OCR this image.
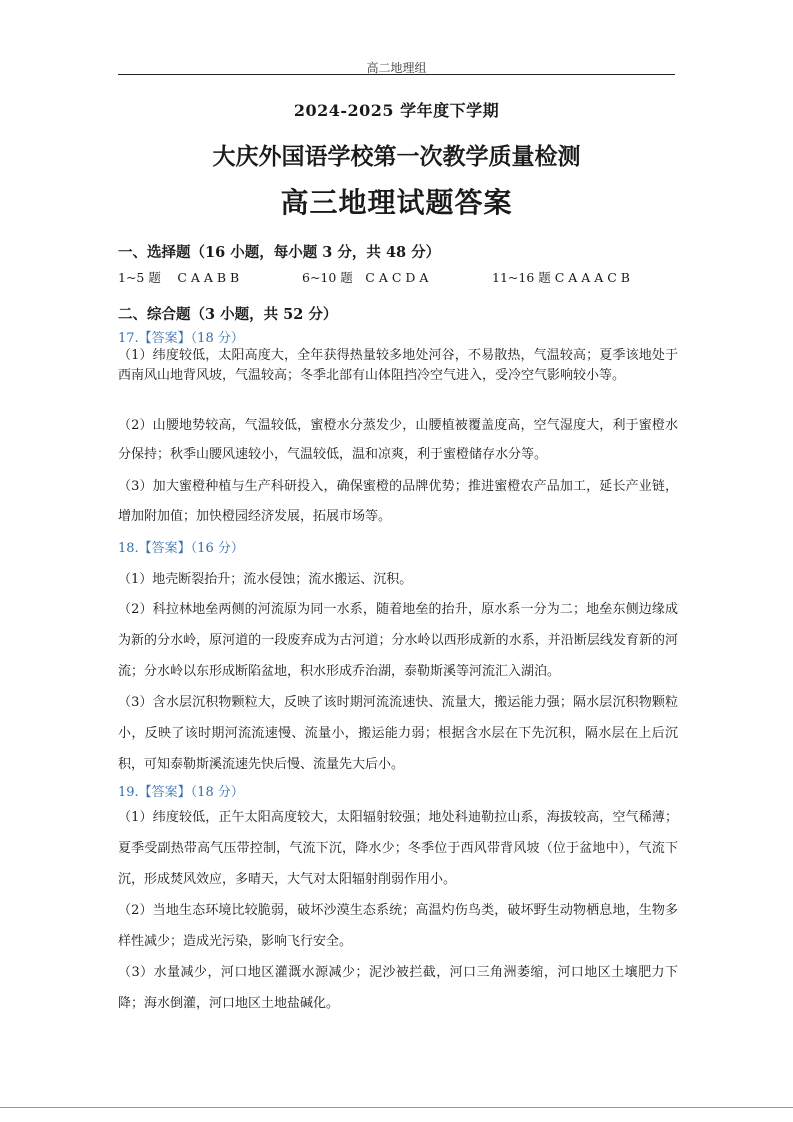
高二地理组
2024-2025 学年度下学期
大庆外国语学校第一次教学质量检测
高三地理试题答案
一、选择题（16 小题，每小题 3 分，共 48 分）
1~5 题　 C A A B B	6~10 题　C A C D A	11~16 题 C A A A C B
二、综合题（3 小题，共 52 分）
17.【答案】（18 分）
（1）纬度较低，太阳高度大，全年获得热量较多地处河谷，不易散热，气温较高；夏季该地处于西南风山地背风坡，气温较高；冬季北部有山体阻挡冷空气进入，受冷空气影响较小等。
（2）山腰地势较高，气温较低，蜜橙水分蒸发少，山腰植被覆盖度高，空气湿度大，利于蜜橙水分保持；秋季山腰风速较小，气温较低，温和凉爽，利于蜜橙储存水分等。
（3）加大蜜橙种植与生产科研投入，确保蜜橙的品牌优势；推进蜜橙农产品加工，延长产业链，增加附加值；加快橙园经济发展，拓展市场等。
18.【答案】（16 分）
（1）地壳断裂抬升；流水侵蚀；流水搬运、沉积。
（2）科拉林地垒两侧的河流原为同一水系，随着地垒的抬升，原水系一分为二；地垒东侧边缘成为新的分水岭，原河道的一段废弃成为古河道；分水岭以西形成新的水系，并沿断层线发育新的河流；分水岭以东形成断陷盆地，积水形成乔治湖，泰勒斯溪等河流汇入湖泊。
（3）含水层沉积物颗粒大，反映了该时期河流流速快、流量大，搬运能力强；隔水层沉积物颗粒小，反映了该时期河流流速慢、流量小，搬运能力弱；根据含水层在下先沉积，隔水层在上后沉积，可知泰勒斯溪流速先快后慢、流量先大后小。
19.【答案】（18 分）
（1）纬度较低，正午太阳高度较大，太阳辐射较强；地处科迪勒拉山系，海拔较高，空气稀薄；夏季受副热带高气压带控制，气流下沉，降水少；冬季位于西风带背风坡（位于盆地中），气流下沉，形成焚风效应，多晴天，大气对太阳辐射削弱作用小。
（2）当地生态环境比较脆弱，破坏沙漠生态系统；高温灼伤鸟类，破坏野生动物栖息地，生物多样性减少；造成光污染，影响飞行安全。
（3）水量减少，河口地区灌溉水源减少；泥沙被拦截，河口三角洲萎缩，河口地区土壤肥力下降；海水倒灌，河口地区土地盐碱化。
